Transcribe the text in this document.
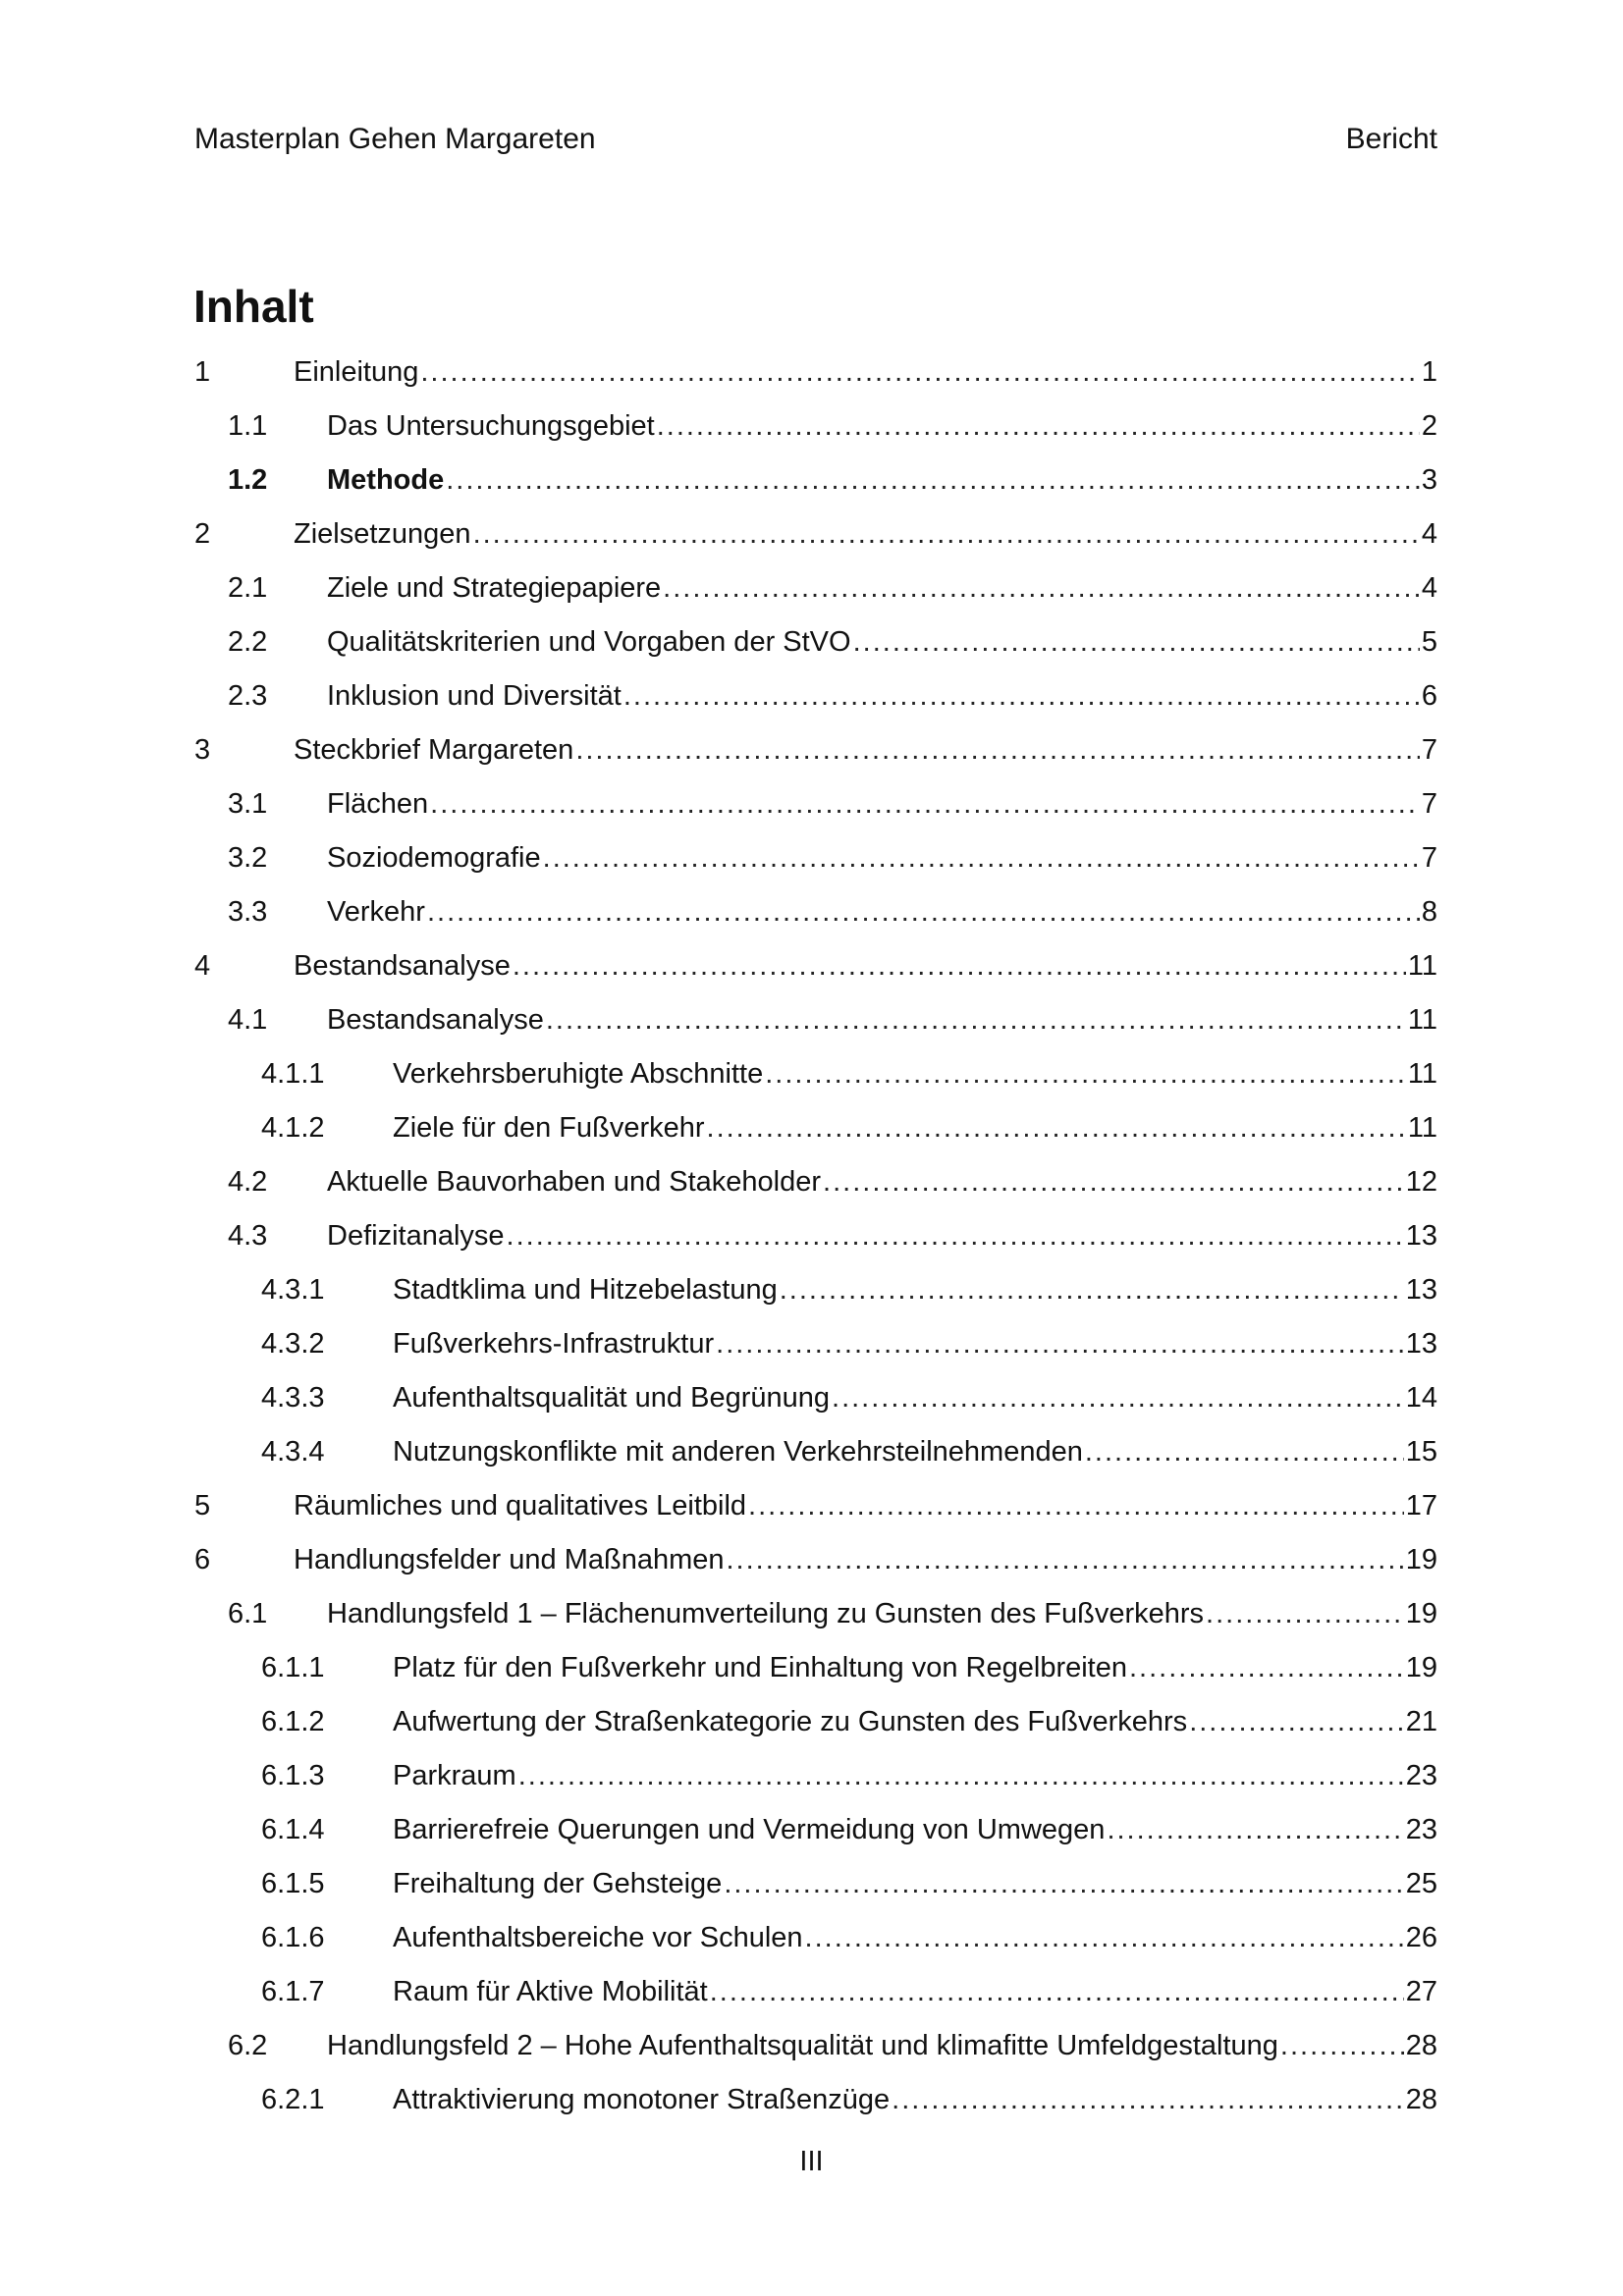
Masterplan Gehen Margareten	Bericht
Inhalt
1	Einleitung .....	1
1.1	Das Untersuchungsgebiet .....	2
1.2	Methode .....	3
2	Zielsetzungen .....	4
2.1	Ziele und Strategiepapiere .....	4
2.2	Qualitätskriterien und Vorgaben der StVO .....	5
2.3	Inklusion und Diversität .....	6
3	Steckbrief Margareten .....	7
3.1	Flächen .....	7
3.2	Soziodemografie .....	7
3.3	Verkehr .....	8
4	Bestandsanalyse .....	11
4.1	Bestandsanalyse .....	11
4.1.1	Verkehrsberuhigte Abschnitte .....	11
4.1.2	Ziele für den Fußverkehr .....	11
4.2	Aktuelle Bauvorhaben und Stakeholder .....	12
4.3	Defizitanalyse .....	13
4.3.1	Stadtklima und Hitzebelastung .....	13
4.3.2	Fußverkehrs-Infrastruktur .....	13
4.3.3	Aufenthaltsqualität und Begrünung .....	14
4.3.4	Nutzungskonflikte mit anderen Verkehrsteilnehmenden .....	15
5	Räumliches und qualitatives Leitbild .....	17
6	Handlungsfelder und Maßnahmen .....	19
6.1	Handlungsfeld 1 – Flächenumverteilung zu Gunsten des Fußverkehrs .....	19
6.1.1	Platz für den Fußverkehr und Einhaltung von Regelbreiten .....	19
6.1.2	Aufwertung der Straßenkategorie zu Gunsten des Fußverkehrs .....	21
6.1.3	Parkraum .....	23
6.1.4	Barrierefreie Querungen und Vermeidung von Umwegen .....	23
6.1.5	Freihaltung der Gehsteige .....	25
6.1.6	Aufenthaltsbereiche vor Schulen .....	26
6.1.7	Raum für Aktive Mobilität .....	27
6.2	Handlungsfeld 2 – Hohe Aufenthaltsqualität und klimafitte Umfeldgestaltung .....	28
6.2.1	Attraktivierung monotoner Straßenzüge .....	28
III
